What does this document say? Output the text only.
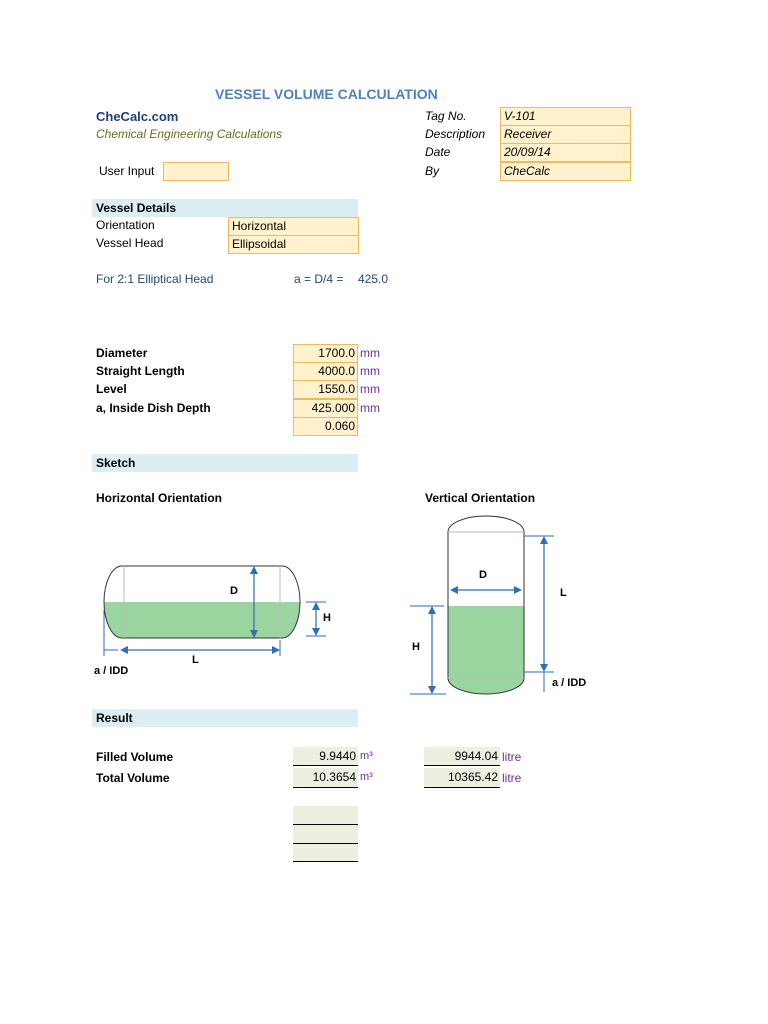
VESSEL VOLUME CALCULATION
CheCalc.com
Chemical Engineering Calculations
User Input
Tag No.	V-101
Description	Receiver
Date	20/09/14
By	CheCalc
Vessel Details
Orientation	Horizontal
Vessel Head	Ellipsoidal
For 2:1 Elliptical Head	a = D/4 = 425.0
Diameter	1700.0 mm
Straight Length	4000.0 mm
Level	1550.0 mm
a, Inside Dish Depth	425.000 mm
0.060
Sketch
Horizontal Orientation	Vertical Orientation
D
H
L
a / IDD
D
H
L
a / IDD
Result
Filled Volume	9.9440 m³	9944.04 litre
Total Volume	10.3654 m³	10365.42 litre
